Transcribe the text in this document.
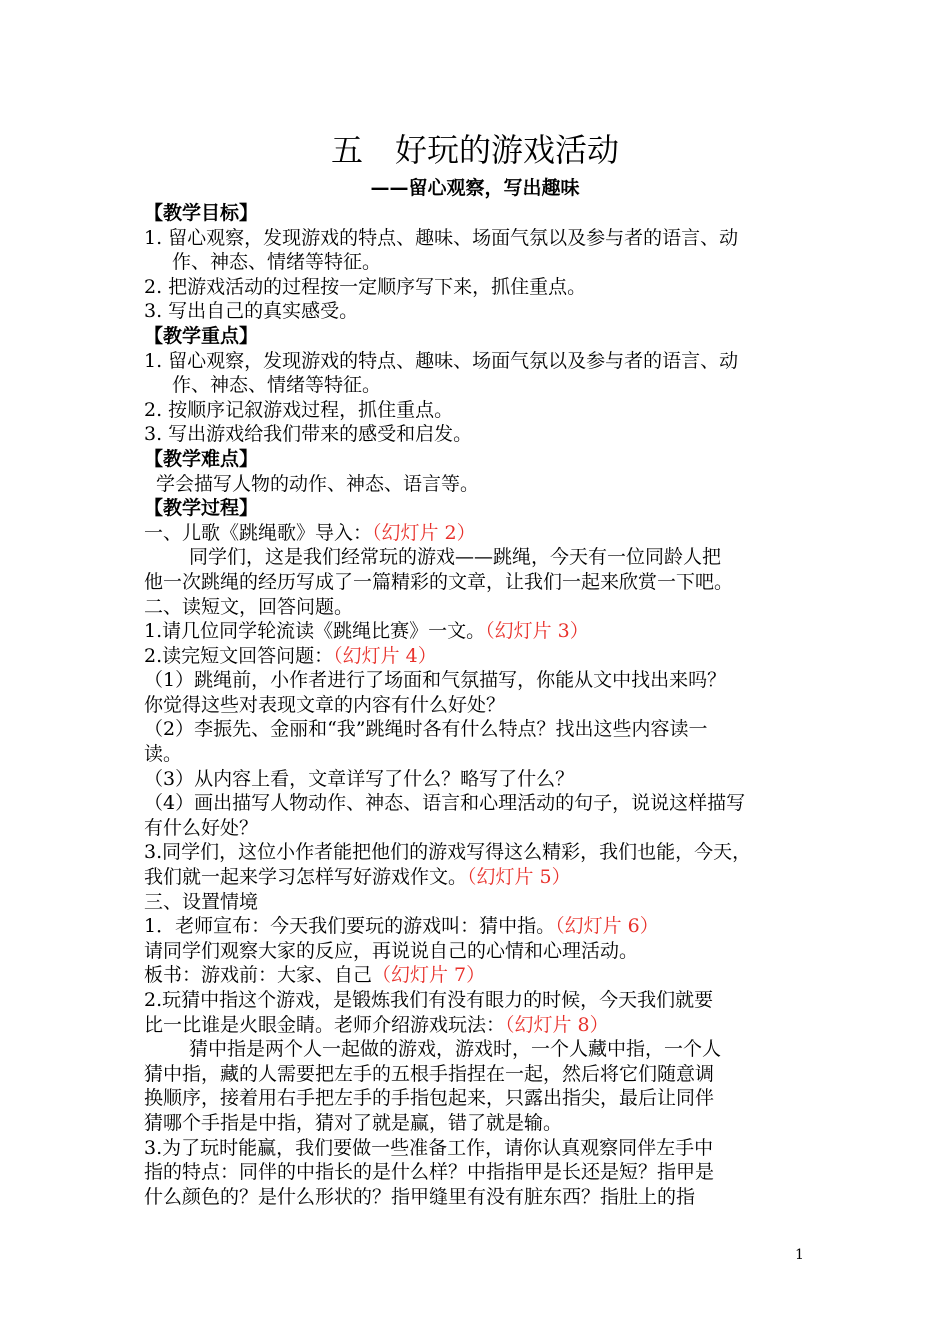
五　好玩的游戏活动
——留心观察，写出趣味
【教学目标】
1. 留心观察，发现游戏的特点、趣味、场面气氛以及参与者的语言、动
作、神态、情绪等特征。
2. 把游戏活动的过程按一定顺序写下来，抓住重点。
3. 写出自己的真实感受。
【教学重点】
1. 留心观察，发现游戏的特点、趣味、场面气氛以及参与者的语言、动
作、神态、情绪等特征。
2. 按顺序记叙游戏过程，抓住重点。
3. 写出游戏给我们带来的感受和启发。
【教学难点】
学会描写人物的动作、神态、语言等。
【教学过程】
一、儿歌《跳绳歌》导入：（幻灯片 2）
同学们，这是我们经常玩的游戏——跳绳，今天有一位同龄人把
他一次跳绳的经历写成了一篇精彩的文章，让我们一起来欣赏一下吧。
二、读短文，回答问题。
1.请几位同学轮流读《跳绳比赛》一文。（幻灯片 3）
2.读完短文回答问题：（幻灯片 4）
（1）跳绳前，小作者进行了场面和气氛描写，你能从文中找出来吗？
你觉得这些对表现文章的内容有什么好处？
（2）李振先、金丽和“我”跳绳时各有什么特点？找出这些内容读一
读。
（3）从内容上看，文章详写了什么？略写了什么？
（4）画出描写人物动作、神态、语言和心理活动的句子，说说这样描写
有什么好处？
3.同学们，这位小作者能把他们的游戏写得这么精彩，我们也能，今天，
我们就一起来学习怎样写好游戏作文。（幻灯片 5）
三、设置情境
1．老师宣布：今天我们要玩的游戏叫：猜中指。（幻灯片 6）
请同学们观察大家的反应，再说说自己的心情和心理活动。
板书：游戏前：大家、自己（幻灯片 7）
2.玩猜中指这个游戏，是锻炼我们有没有眼力的时候，今天我们就要
比一比谁是火眼金睛。老师介绍游戏玩法：（幻灯片 8）
猜中指是两个人一起做的游戏，游戏时，一个人藏中指，一个人
猜中指，藏的人需要把左手的五根手指捏在一起，然后将它们随意调
换顺序，接着用右手把左手的手指包起来，只露出指尖，最后让同伴
猜哪个手指是中指，猜对了就是赢，错了就是输。
3.为了玩时能赢，我们要做一些准备工作，请你认真观察同伴左手中
指的特点：同伴的中指长的是什么样？中指指甲是长还是短？指甲是
什么颜色的？是什么形状的？指甲缝里有没有脏东西？指肚上的指
1
